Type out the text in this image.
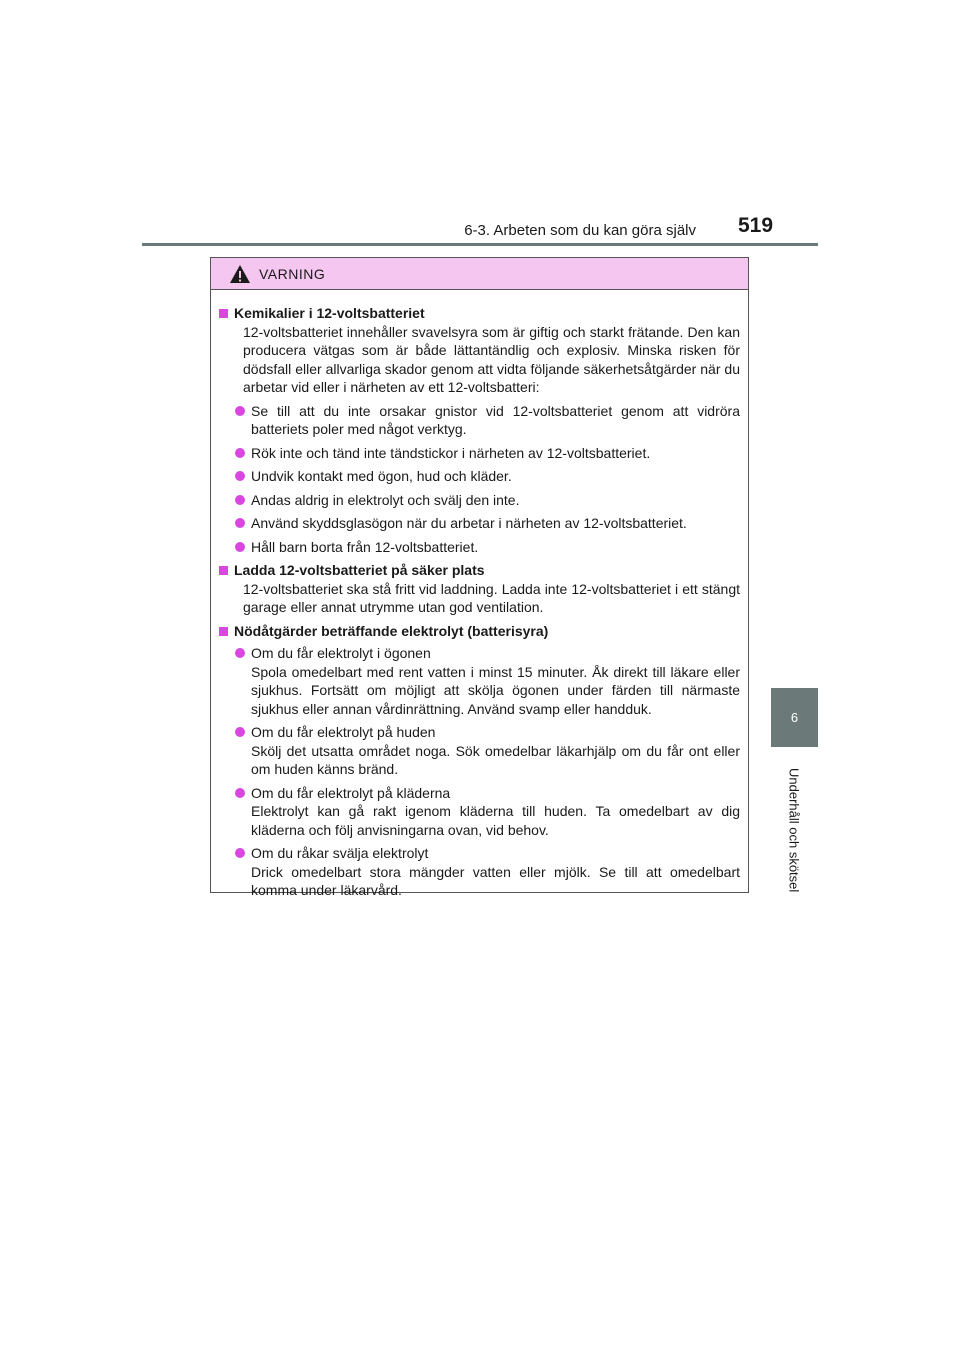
6-3. Arbeten som du kan göra själv 519
6
Underhåll och skötsel
VARNING
Kemikalier i 12-voltsbatteriet
12-voltsbatteriet innehåller svavelsyra som är giftig och starkt frätande. Den kan producera vätgas som är både lättantändlig och explosiv. Minska risken för dödsfall eller allvarliga skador genom att vidta följande säkerhetsåtgärder när du arbetar vid eller i närheten av ett 12-voltsbatteri:
Se till att du inte orsakar gnistor vid 12-voltsbatteriet genom att vidröra batteriets poler med något verktyg.
Rök inte och tänd inte tändstickor i närheten av 12-voltsbatteriet.
Undvik kontakt med ögon, hud och kläder.
Andas aldrig in elektrolyt och svälj den inte.
Använd skyddsglasögon när du arbetar i närheten av 12-voltsbatteriet.
Håll barn borta från 12-voltsbatteriet.
Ladda 12-voltsbatteriet på säker plats
12-voltsbatteriet ska stå fritt vid laddning. Ladda inte 12-voltsbatteriet i ett stängt garage eller annat utrymme utan god ventilation.
Nödåtgärder beträffande elektrolyt (batterisyra)
Om du får elektrolyt i ögonen
Spola omedelbart med rent vatten i minst 15 minuter. Åk direkt till läkare eller sjukhus. Fortsätt om möjligt att skölja ögonen under färden till närmaste sjukhus eller annan vårdinrättning. Använd svamp eller handduk.
Om du får elektrolyt på huden
Skölj det utsatta området noga. Sök omedelbar läkarhjälp om du får ont eller om huden känns bränd.
Om du får elektrolyt på kläderna
Elektrolyt kan gå rakt igenom kläderna till huden. Ta omedelbart av dig kläderna och följ anvisningarna ovan, vid behov.
Om du råkar svälja elektrolyt
Drick omedelbart stora mängder vatten eller mjölk. Se till att omedelbart komma under läkarvård.
